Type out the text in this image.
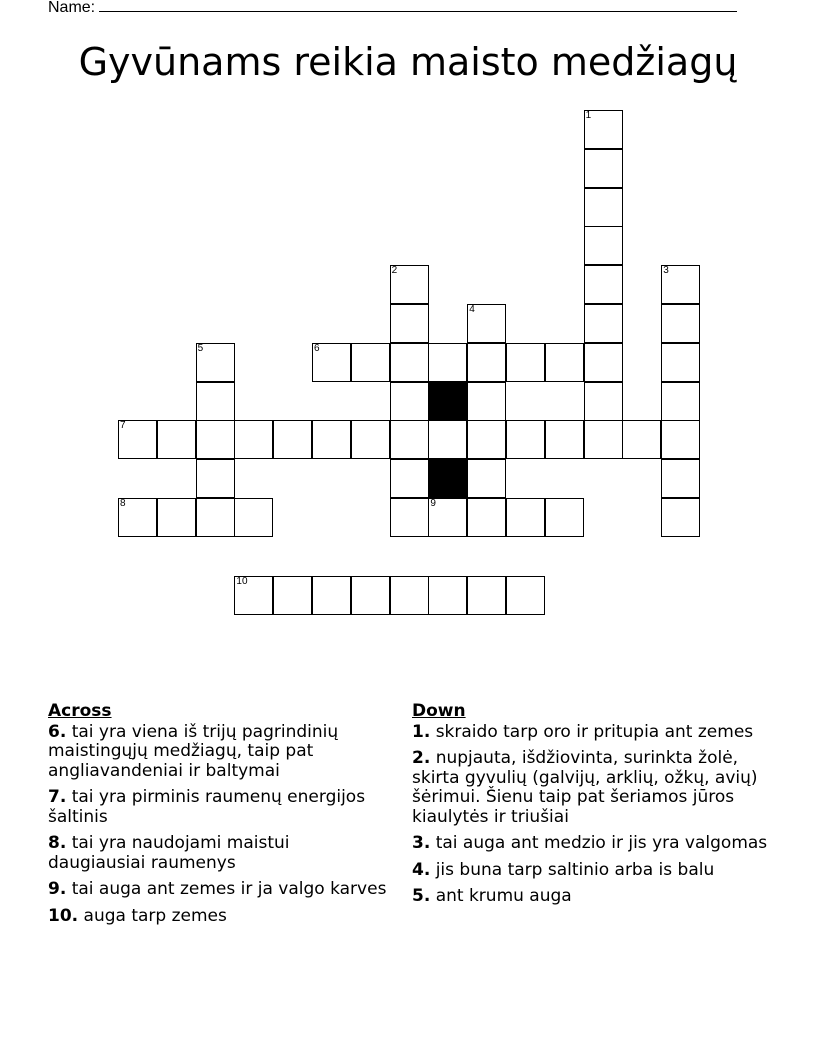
Name:
Gyvūnams reikia maisto medžiagų
6
7
8	9
10
1
2	3
4
5
Across
6. tai yra viena iš trijų pagrindinių maistingųjų medžiagų, taip pat angliavandeniai ir baltymai
7. tai yra pirminis raumenų energijos šaltinis
8. tai yra naudojami maistui daugiausiai raumenys
9. tai auga ant zemes ir ja valgo karves
10. auga tarp zemes
Down
1. skraido tarp oro ir pritupia ant zemes
2. nupjauta, išdžiovinta, surinkta žolė, skirta gyvulių (galvijų, arklių, ožkų, avių) šėrimui. Šienu taip pat šeriamos jūros kiaulytės ir triušiai
3. tai auga ant medzio ir jis yra valgomas
4. jis buna tarp saltinio arba is balu
5. ant krumu auga
